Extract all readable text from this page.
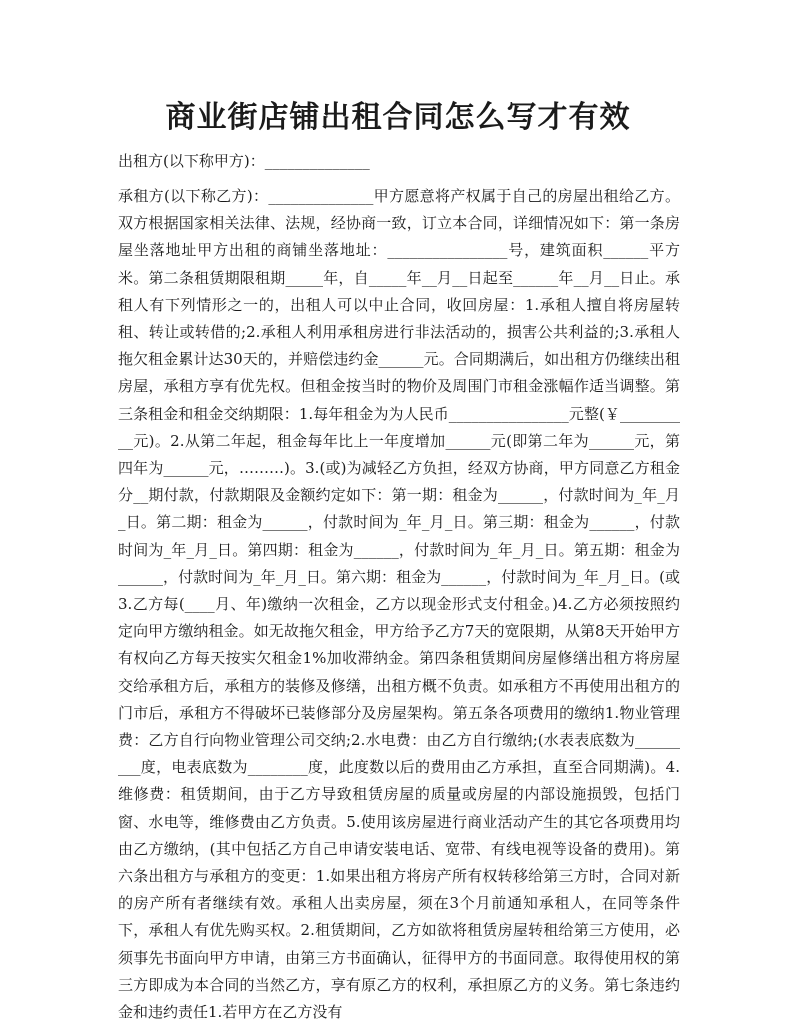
商业街店铺出租合同怎么写才有效

出租方(以下称甲方)：______________

承租方(以下称乙方)：______________甲方愿意将产权属于自己的房屋出租给乙方。双方根据国家相关法律、法规，经协商一致，订立本合同，详细情况如下：第一条房屋坐落地址甲方出租的商铺坐落地址：________________号，建筑面积______平方米。第二条租赁期限租期_____年，自_____年__月__日起至______年__月__日止。承租人有下列情形之一的，出租人可以中止合同，收回房屋：1.承租人擅自将房屋转租、转让或转借的;2.承租人利用承租房进行非法活动的，损害公共利益的;3.承租人拖欠租金累计达30天的，并赔偿违约金______元。合同期满后，如出租方仍继续出租房屋，承租方享有优先权。但租金按当时的物价及周围门市租金涨幅作适当调整。第三条租金和租金交纳期限：1.每年租金为为人民币________________元整(￥__________元)。2.从第二年起，租金每年比上一年度增加______元(即第二年为______元，第四年为______元，………)。3.(或)为减轻乙方负担，经双方协商，甲方同意乙方租金分__期付款，付款期限及金额约定如下：第一期：租金为______，付款时间为_年_月_日。第二期：租金为______，付款时间为_年_月_日。第三期：租金为______，付款时间为_年_月_日。第四期：租金为______，付款时间为_年_月_日。第五期：租金为______，付款时间为_年_月_日。第六期：租金为______，付款时间为_年_月_日。(或3.乙方每(____月、年)缴纳一次租金，乙方以现金形式支付租金。)4.乙方必须按照约定向甲方缴纳租金。如无故拖欠租金，甲方给予乙方7天的宽限期，从第8天开始甲方有权向乙方每天按实欠租金1%加收滞纳金。第四条租赁期间房屋修缮出租方将房屋交给承租方后，承租方的装修及修缮，出租方概不负责。如承租方不再使用出租方的门市后，承租方不得破坏已装修部分及房屋架构。第五条各项费用的缴纳1.物业管理费：乙方自行向物业管理公司交纳;2.水电费：由乙方自行缴纳;(水表表底数为_________度，电表底数为________度，此度数以后的费用由乙方承担，直至合同期满)。4.维修费：租赁期间，由于乙方导致租赁房屋的质量或房屋的内部设施损毁，包括门窗、水电等，维修费由乙方负责。5.使用该房屋进行商业活动产生的其它各项费用均由乙方缴纳，(其中包括乙方自己申请安装电话、宽带、有线电视等设备的费用)。第六条出租方与承租方的变更：1.如果出租方将房产所有权转移给第三方时，合同对新的房产所有者继续有效。承租人出卖房屋，须在3个月前通知承租人，在同等条件下，承租人有优先购买权。2.租赁期间，乙方如欲将租赁房屋转租给第三方使用，必须事先书面向甲方申请，由第三方书面确认，征得甲方的书面同意。取得使用权的第三方即成为本合同的当然乙方，享有原乙方的权利，承担原乙方的义务。第七条违约金和违约责任1.若甲方在乙方没有
